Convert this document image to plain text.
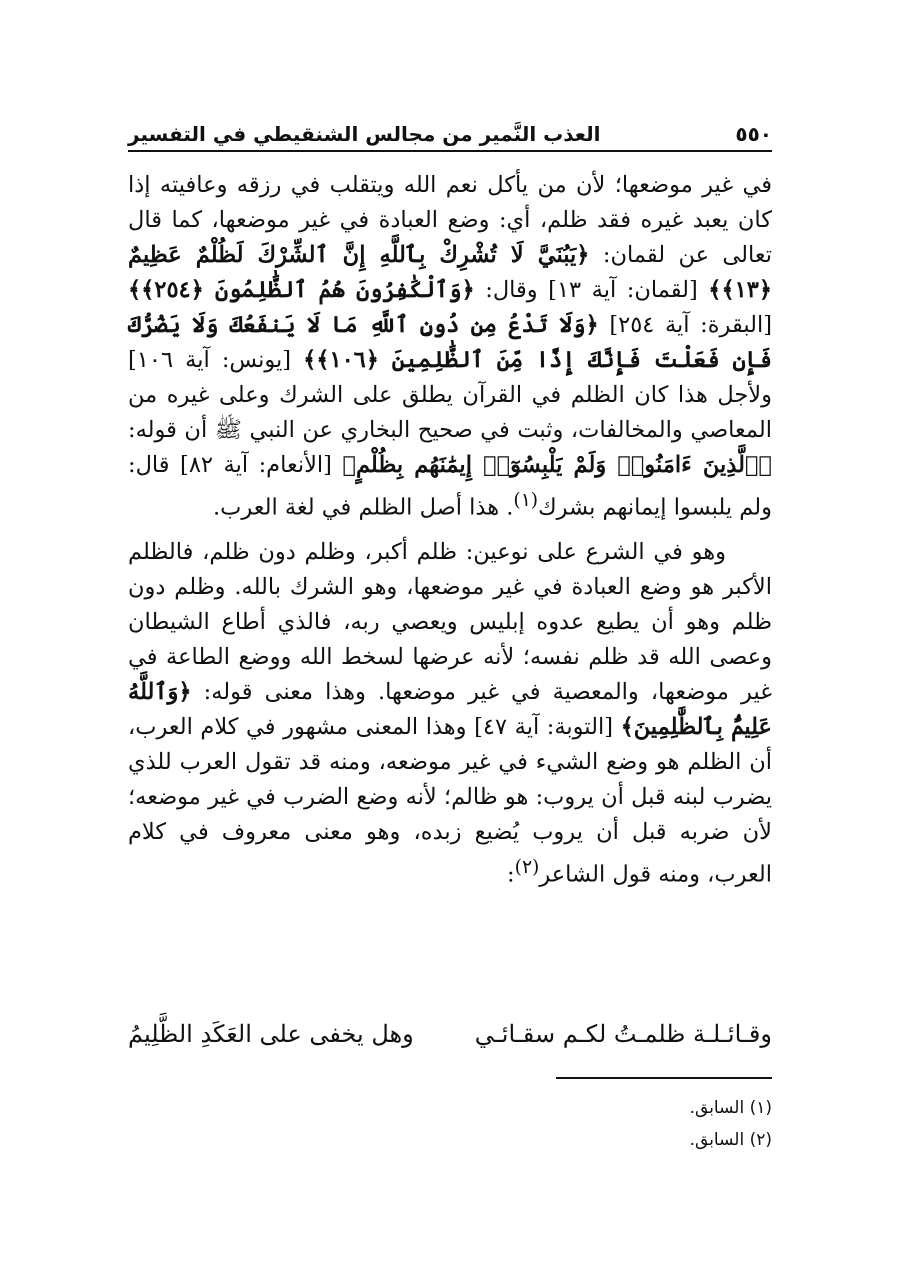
٥٥٠
العذب النَّمير من مجالس الشنقيطي في التفسير

في غير موضعها؛ لأن من يأكل نعم الله ويتقلب في رزقه وعافيته إذا كان يعبد غيره فقد ظلم، أي: وضع العبادة في غير موضعها، كما قال تعالى عن لقمان: ﴿يَبُنَيَّ لَا تُشْرِكْ بِٱللَّهِ إِنَّ ٱلشِّرْكَ لَظُلْمٌ عَظِيمٌ ﴿١٣﴾﴾ [لقمان: آية ١٣] وقال: ﴿وَٱلْكَٰفِرُونَ هُمُ ٱلظَّٰلِمُونَ ﴿٢٥٤﴾﴾ [البقرة: آية ٢٥٤] ﴿وَلَا تَدْعُ مِن دُونِ ٱللَّهِ مَا لَا يَنفَعُكَ وَلَا يَضُرُّكَ فَإِن فَعَلْتَ فَإِنَّكَ إِذًا مِّنَ ٱلظَّٰلِمِينَ ﴿١٠٦﴾﴾ [يونس: آية ١٠٦] ولأجل هذا كان الظلم في القرآن يطلق على الشرك وعلى غيره من المعاصي والمخالفات، وثبت في صحيح البخاري عن النبي ﷺ أن قوله: ﴿ٱلَّذِينَ ءَامَنُوا۟ وَلَمْ يَلْبِسُوٓا۟ إِيمَٰنَهُم بِظُلْمٍ﴾ [الأنعام: آية ٨٢] قال: ولم يلبسوا إيمانهم بشرك$^{(١)}$. هذا أصل الظلم في لغة العرب.

وهو في الشرع على نوعين: ظلم أكبر، وظلم دون ظلم، فالظلم الأكبر هو وضع العبادة في غير موضعها، وهو الشرك بالله. وظلم دون ظلم وهو أن يطيع عدوه إبليس ويعصي ربه، فالذي أطاع الشيطان وعصى الله قد ظلم نفسه؛ لأنه عرضها لسخط الله ووضع الطاعة في غير موضعها، والمعصية في غير موضعها. وهذا معنى قوله: ﴿وَٱللَّهُ عَلِيمٌۢ بِٱلظَّٰلِمِينَ﴾ [التوبة: آية ٤٧] وهذا المعنى مشهور في كلام العرب، أن الظلم هو وضع الشيء في غير موضعه، ومنه قد تقول العرب للذي يضرب لبنه قبل أن يروب: هو ظالم؛ لأنه وضع الضرب في غير موضعه؛ لأن ضربه قبل أن يروب يُضيع زبده، وهو معنى معروف في كلام العرب، ومنه قول الشاعر$^{(٢)}$:

وقـائـلـة ظلمـتُ لكـم سقـائـي
وهل يخفى على العَكَدِ الظَّلِيمُ
(١) السابق.
(٢) السابق.
